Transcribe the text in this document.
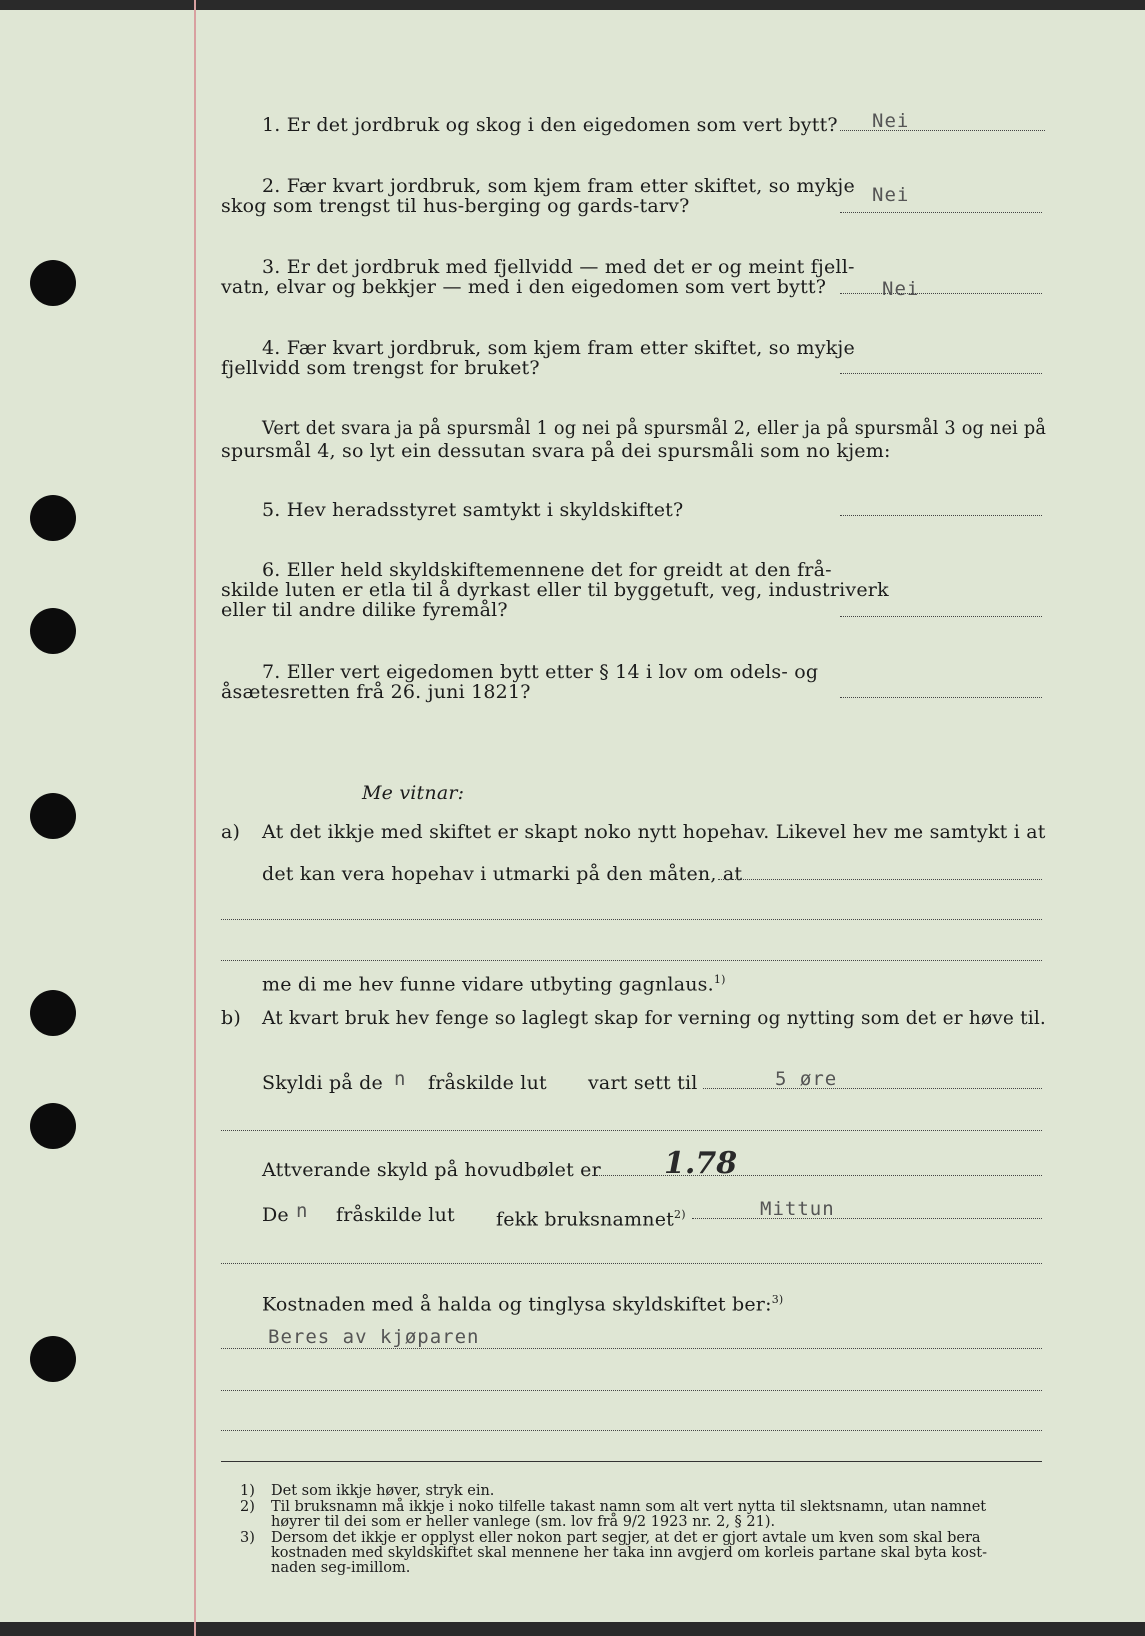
1. Er det jordbruk og skog i den eigedomen som vert bytt? Nei
2. Fær kvart jordbruk, som kjem fram etter skiftet, so mykje
skog som trengst til hus-berging og gards-tarv?	Nei
3. Er det jordbruk med fjellvidd — med det er og meint fjell-
vatn, elvar og bekkjer — med i den eigedomen som vert bytt?	Nei
4. Fær kvart jordbruk, som kjem fram etter skiftet, so mykje
fjellvidd som trengst for bruket?
Vert det svara ja på spursmål 1 og nei på spursmål 2, eller ja på spursmål 3 og nei på
spursmål 4, so lyt ein dessutan svara på dei spursmåli som no kjem:
5. Hev heradsstyret samtykt i skyldskiftet?
6. Eller held skyldskiftemennene det for greidt at den frå-
skilde luten er etla til å dyrkast eller til byggetuft, veg, industriverk
eller til andre dilike fyremål?
7. Eller vert eigedomen bytt etter § 14 i lov om odels- og
åsætesretten frå 26. juni 1821?
Me vitnar:
a) At det ikkje med skiftet er skapt noko nytt hopehav. Likevel hev me samtykt i at
det kan vera hopehav i utmarki på den måten, at
me di me hev funne vidare utbyting gagnlaus.$^{1)}$
b) At kvart bruk hev fenge so laglegt skap for verning og nytting som det er høve til.
Skyldi på de n fråskilde lut vart sett til	5 øre
Attverande skyld på hovudbølet er 1.78
De n fråskilde lut fekk bruksnamnet$^{2)}$	Mittun
Kostnaden med å halda og tinglysa skyldskiftet ber:$^{3)}$
Beres av kjøparen
1) Det som ikkje høver, stryk ein.
2) Til bruksnamn må ikkje i noko tilfelle takast namn som alt vert nytta til slektsnamn, utan namnet
høyrer til dei som er heller vanlege (sm. lov frå 9/2 1923 nr. 2, § 21).
3) Dersom det ikkje er opplyst eller nokon part segjer, at det er gjort avtale um kven som skal bera
kostnaden med skyldskiftet skal mennene her taka inn avgjerd om korleis partane skal byta kost-
naden seg-imillom.
